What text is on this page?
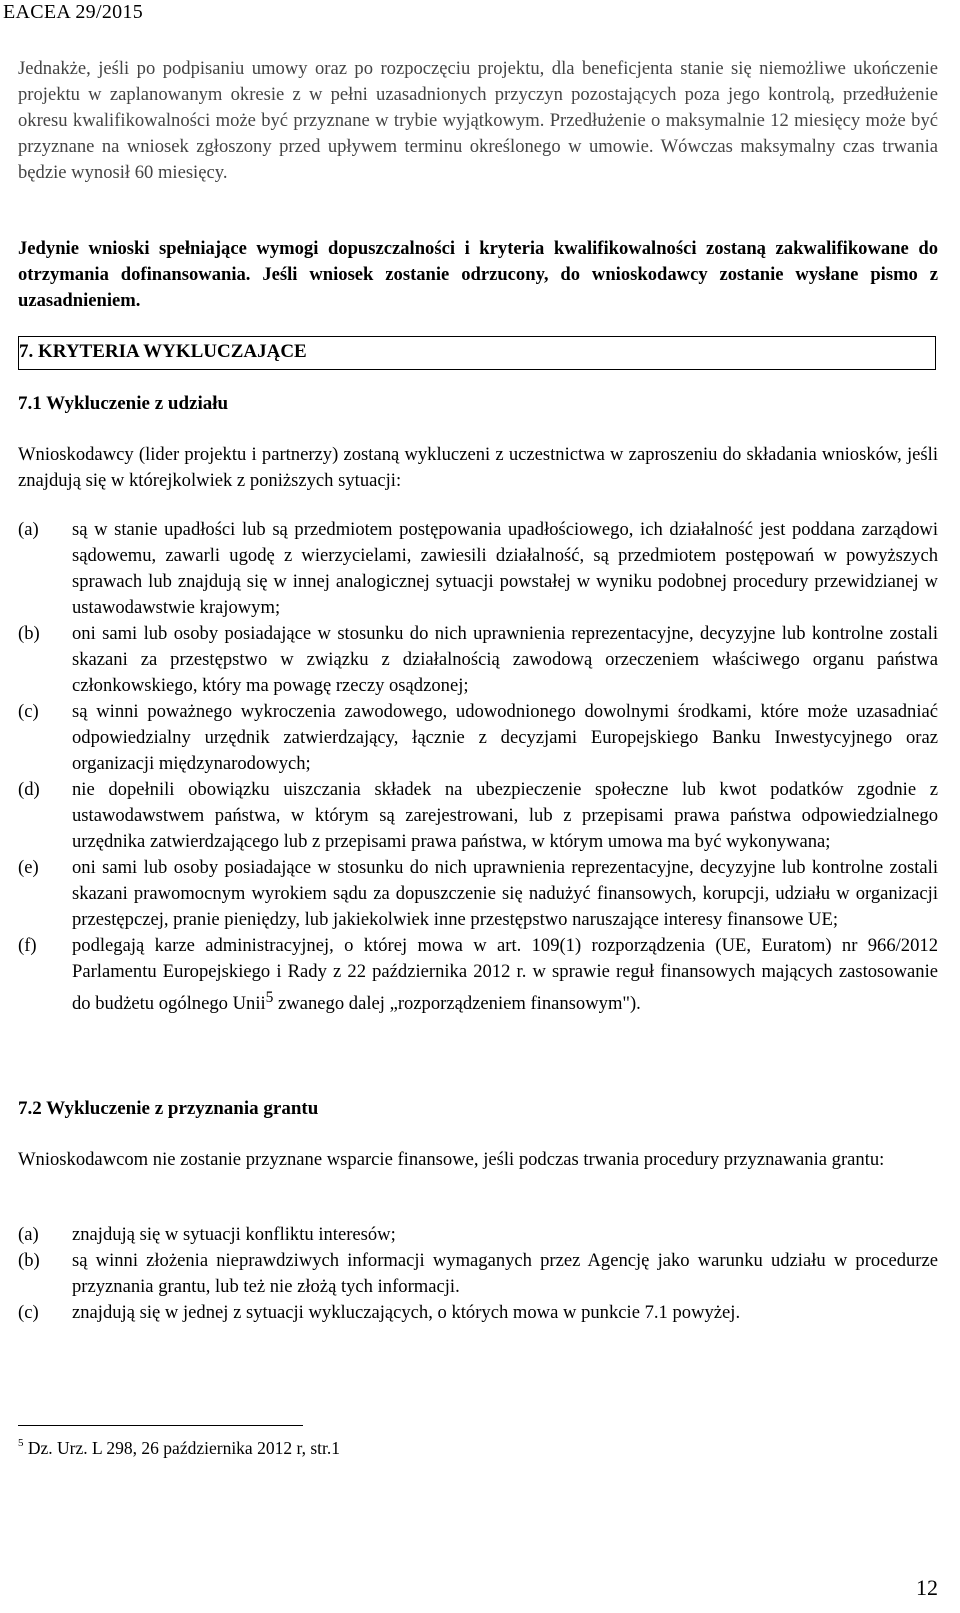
EACEA 29/2015

Jednakże, jeśli po podpisaniu umowy oraz po rozpoczęciu projektu, dla beneficjenta stanie się niemożliwe ukończenie projektu w zaplanowanym okresie z w pełni uzasadnionych przyczyn pozostających poza jego kontrolą, przedłużenie okresu kwalifikowalności może być przyznane w trybie wyjątkowym. Przedłużenie o maksymalnie 12 miesięcy może być przyznane na wniosek zgłoszony przed upływem terminu określonego w umowie. Wówczas maksymalny czas trwania będzie wynosił 60 miesięcy.

Jedynie wnioski spełniające wymogi dopuszczalności i kryteria kwalifikowalności zostaną zakwalifikowane do otrzymania dofinansowania. Jeśli wniosek zostanie odrzucony, do wnioskodawcy zostanie wysłane pismo z uzasadnieniem.

7. KRYTERIA WYKLUCZAJĄCE
7.1 Wykluczenie z udziału

Wnioskodawcy (lider projektu i partnerzy) zostaną wykluczeni z uczestnictwa w zaproszeniu do składania wniosków, jeśli znajdują się w którejkolwiek z poniższych sytuacji:

(a) są w stanie upadłości lub są przedmiotem postępowania upadłościowego, ich działalność jest poddana zarządowi sądowemu, zawarli ugodę z wierzycielami, zawiesili działalność, są przedmiotem postępowań w powyższych sprawach lub znajdują się w innej analogicznej sytuacji powstałej w wyniku podobnej procedury przewidzianej w ustawodawstwie krajowym;
(b) oni sami lub osoby posiadające w stosunku do nich uprawnienia reprezentacyjne, decyzyjne lub kontrolne zostali skazani za przestępstwo w związku z działalnością zawodową orzeczeniem właściwego organu państwa członkowskiego, który ma powagę rzeczy osądzonej;
(c) są winni poważnego wykroczenia zawodowego, udowodnionego dowolnymi środkami, które może uzasadniać odpowiedzialny urzędnik zatwierdzający, łącznie z decyzjami Europejskiego Banku Inwestycyjnego oraz organizacji międzynarodowych;
(d) nie dopełnili obowiązku uiszczania składek na ubezpieczenie społeczne lub kwot podatków zgodnie z ustawodawstwem państwa, w którym są zarejestrowani, lub z przepisami prawa państwa odpowiedzialnego urzędnika zatwierdzającego lub z przepisami prawa państwa, w którym umowa ma być wykonywana;
(e) oni sami lub osoby posiadające w stosunku do nich uprawnienia reprezentacyjne, decyzyjne lub kontrolne zostali skazani prawomocnym wyrokiem sądu za dopuszczenie się nadużyć finansowych, korupcji, udziału w organizacji przestępczej, pranie pieniędzy, lub jakiekolwiek inne przestępstwo naruszające interesy finansowe UE;
(f) podlegają karze administracyjnej, o której mowa w art. 109(1) rozporządzenia (UE, Euratom) nr 966/2012 Parlamentu Europejskiego i Rady z 22 października 2012 r. w sprawie reguł finansowych mających zastosowanie do budżetu ogólnego Unii$^5$ zwanego dalej „rozporządzeniem finansowym").
7.2 Wykluczenie z przyznania grantu

Wnioskodawcom nie zostanie przyznane wsparcie finansowe, jeśli podczas trwania procedury przyznawania grantu:

(a) znajdują się w sytuacji konfliktu interesów;
(b) są winni złożenia nieprawdziwych informacji wymaganych przez Agencję jako warunku udziału w procedurze przyznania grantu, lub też nie złożą tych informacji.
(c) znajdują się w jednej z sytuacji wykluczających, o których mowa w punkcie 7.1 powyżej.
$^5$ Dz. Urz. L 298, 26 października 2012 r, str.1
12
